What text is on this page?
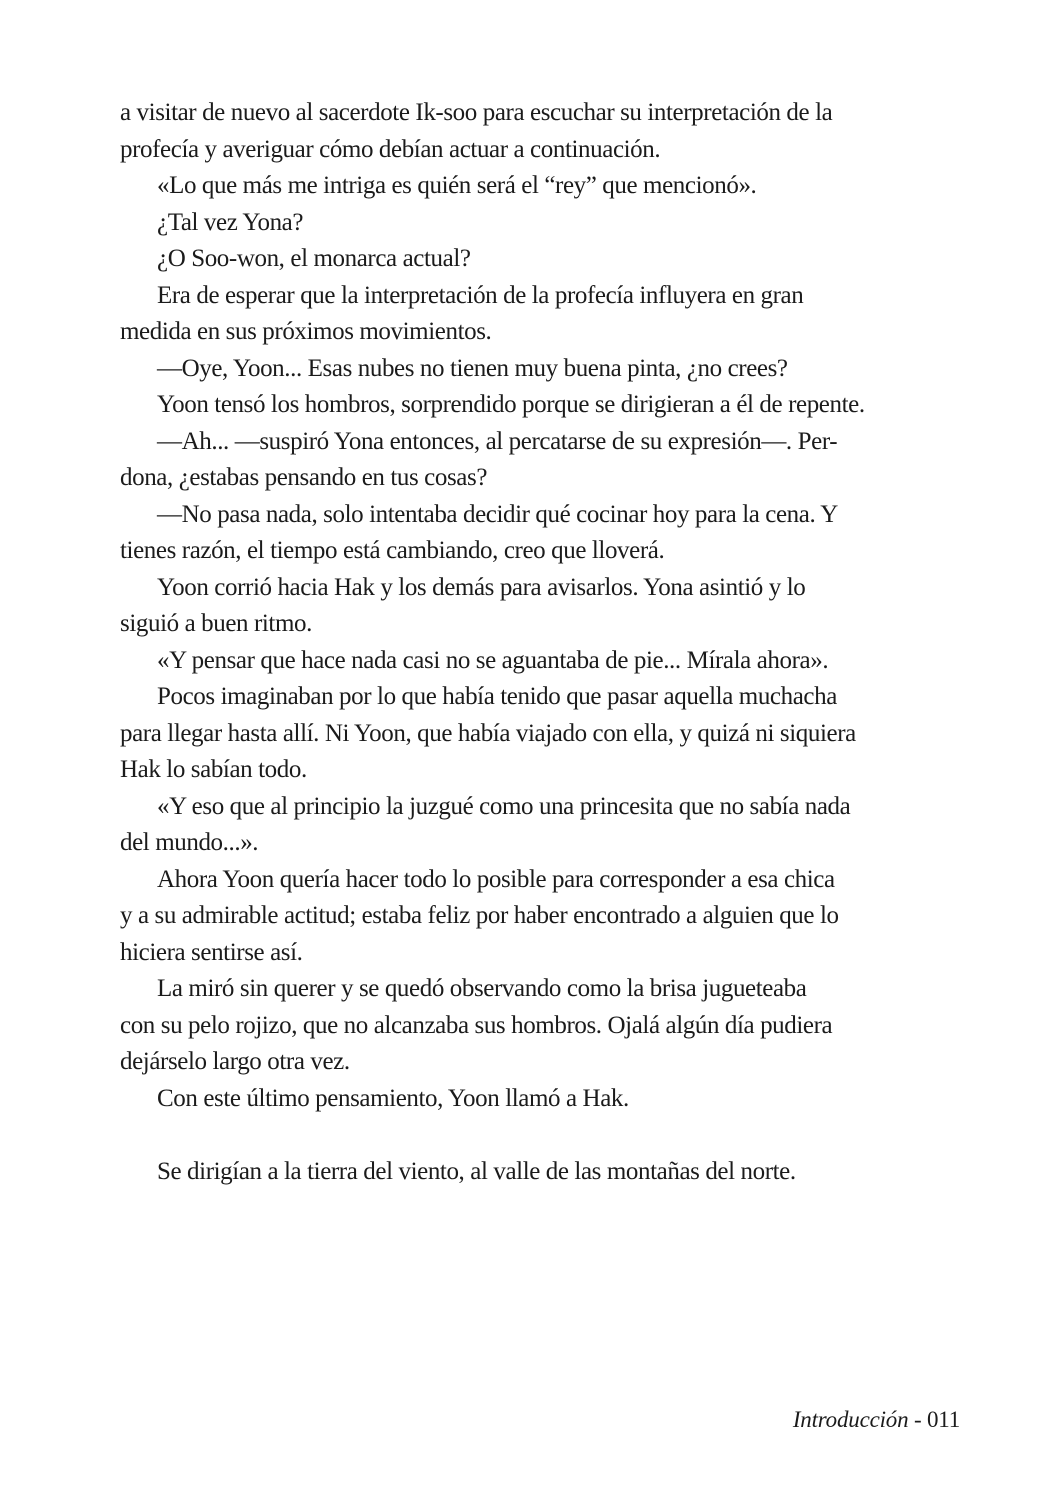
a visitar de nuevo al sacerdote Ik-soo para escuchar su interpretación de la
profecía y averiguar cómo debían actuar a continuación.
«Lo que más me intriga es quién será el “rey” que mencionó».
¿Tal vez Yona?
¿O Soo-won, el monarca actual?
Era de esperar que la interpretación de la profecía influyera en gran
medida en sus próximos movimientos.
—Oye, Yoon... Esas nubes no tienen muy buena pinta, ¿no crees?
Yoon tensó los hombros, sorprendido porque se dirigieran a él de repente.
—Ah... —suspiró Yona entonces, al percatarse de su expresión—. Per-
dona, ¿estabas pensando en tus cosas?
—No pasa nada, solo intentaba decidir qué cocinar hoy para la cena. Y
tienes razón, el tiempo está cambiando, creo que lloverá.
Yoon corrió hacia Hak y los demás para avisarlos. Yona asintió y lo
siguió a buen ritmo.
«Y pensar que hace nada casi no se aguantaba de pie... Mírala ahora».
Pocos imaginaban por lo que había tenido que pasar aquella muchacha
para llegar hasta allí. Ni Yoon, que había viajado con ella, y quizá ni siquiera
Hak lo sabían todo.
«Y eso que al principio la juzgué como una princesita que no sabía nada
del mundo...».
Ahora Yoon quería hacer todo lo posible para corresponder a esa chica
y a su admirable actitud; estaba feliz por haber encontrado a alguien que lo
hiciera sentirse así.
La miró sin querer y se quedó observando como la brisa jugueteaba
con su pelo rojizo, que no alcanzaba sus hombros. Ojalá algún día pudiera
dejárselo largo otra vez.
Con este último pensamiento, Yoon llamó a Hak.
Se dirigían a la tierra del viento, al valle de las montañas del norte.
Introducción - 011
